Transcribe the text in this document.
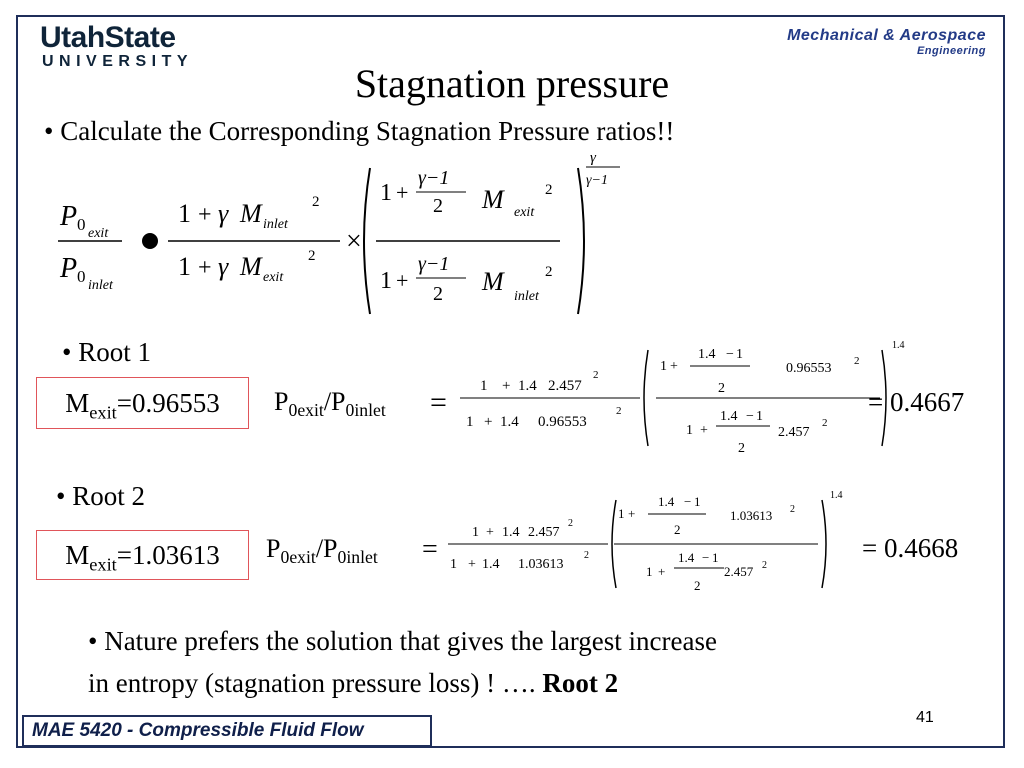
UtahState
UNIVERSITY
Mechanical & Aerospace
Engineering
Stagnation pressure
• Calculate the Corresponding Stagnation Pressure ratios!!
P 0 exit
P 0 inlet
1 + γ M inlet
2
1 + γ M exit
2 ×
1 +
γ−1
2 M exit
2
1 +
γ−1
2 M
inlet
2
γ
γ−1
• Root 1
$M_{exit}=0.96553$	$P_{0exit}/P_{0inlet} = 1 + 1.4$ 2.457
2
1 + 1.4 0.96553
2
1 +
1.4 − 1
2
0.96553 2
1 +
1.4 − 1
2
2.457
2
1.4
= 0.4667
• Root 2
$M_{exit}=1.03613$	$P_{0exit}/P_{0inlet}$ =
1 + 1.4 2.457
2
1 + 1.4 1.03613
2
1 +
1.4 − 1
2
1.03613 2
1 +
1.4 − 1
2
2.457 2
1.4
= 0.4668
• Nature prefers the solution that gives the largest increase
in entropy (stagnation pressure loss) ! …. Root 2
MAE 5420 - Compressible Fluid Flow
41
